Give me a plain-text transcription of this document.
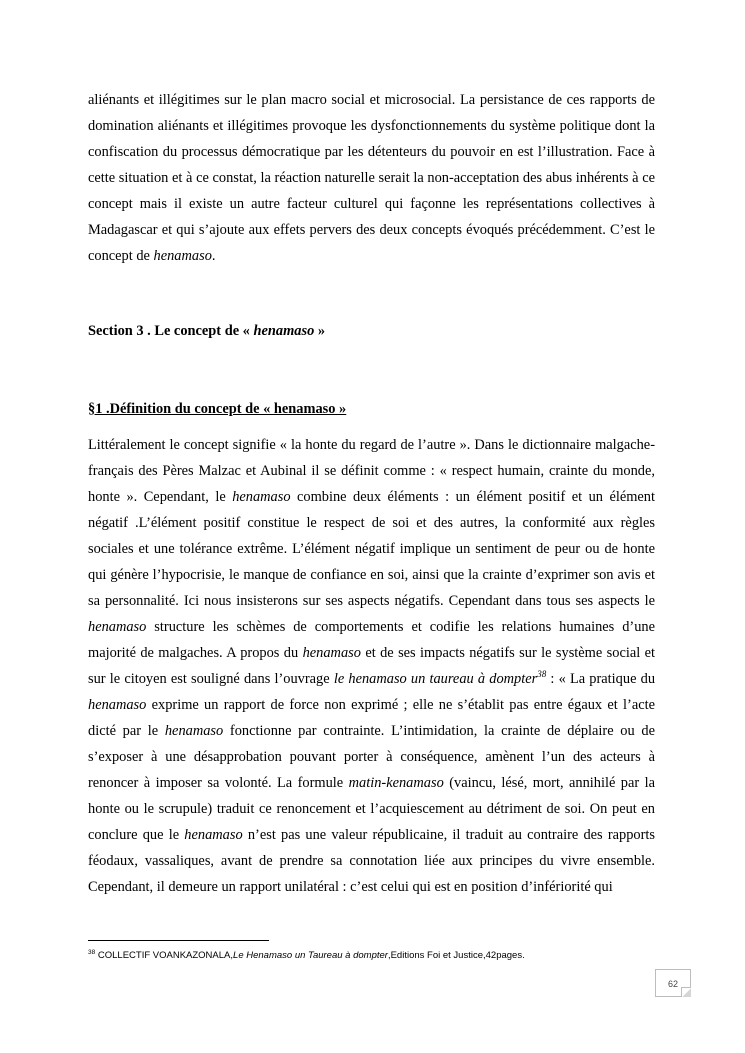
aliénants et illégitimes sur le plan macro social et microsocial. La persistance de ces rapports de domination aliénants et illégitimes provoque les dysfonctionnements du système politique dont la confiscation du processus démocratique par les détenteurs du pouvoir en est l’illustration. Face à cette situation et à ce constat, la réaction naturelle serait la non-acceptation des abus inhérents à ce concept mais il existe un autre facteur culturel qui façonne les représentations collectives à Madagascar et qui s’ajoute aux effets pervers des deux concepts évoqués précédemment. C’est le concept de henamaso.

Section 3 . Le concept de « henamaso »

§1 .Définition du concept de « henamaso »

Littéralement le concept signifie « la honte du regard de l’autre ». Dans le dictionnaire malgache-français des Pères Malzac et Aubinal il se définit comme : « respect humain, crainte du monde, honte ». Cependant, le henamaso combine deux éléments : un élément positif et un élément négatif .L’élément positif constitue le respect de soi et des autres, la conformité aux règles sociales et une tolérance extrême. L’élément négatif implique un sentiment de peur ou de honte qui génère l’hypocrisie, le manque de confiance en soi, ainsi que la crainte d’exprimer son avis et sa personnalité. Ici nous insisterons sur ses aspects négatifs. Cependant dans tous ses aspects le henamaso structure les schèmes de comportements et codifie les relations humaines d’une majorité de malgaches. A propos du henamaso et de ses impacts négatifs sur le système social et sur le citoyen est souligné dans l’ouvrage le henamaso un taureau à dompter$^{38}$ : « La pratique du henamaso exprime un rapport de force non exprimé ; elle ne s’établit pas entre égaux et l’acte dicté par le henamaso fonctionne par contrainte. L’intimidation, la crainte de déplaire ou de s’exposer à une désapprobation pouvant porter à conséquence, amènent l’un des acteurs à renoncer à imposer sa volonté. La formule matin-kenamaso (vaincu, lésé, mort, annihilé par la honte ou le scrupule) traduit ce renoncement et l’acquiescement au détriment de soi. On peut en conclure que le henamaso n’est pas une valeur républicaine, il traduit au contraire des rapports féodaux, vassaliques, avant de prendre sa connotation liée aux principes du vivre ensemble. Cependant, il demeure un rapport unilatéral : c’est celui qui est en position d’infériorité qui

$^{38}$ COLLECTIF VOANKAZONALA,Le Henamaso un Taureau à dompter,Editions Foi et Justice,42pages.

62
